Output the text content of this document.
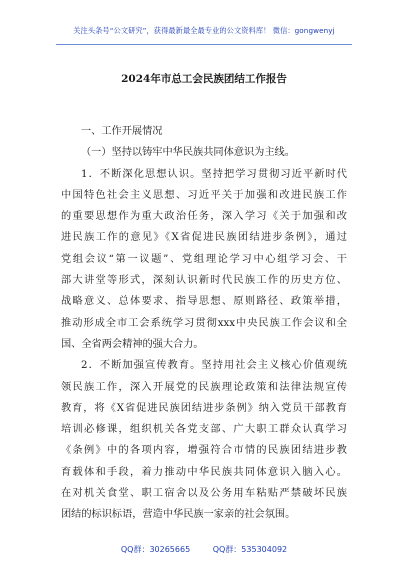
关注头条号“公文研究”，获得最新最全最专业的公文资料库！ 微信：gongwenyj
2024年市总工会民族团结工作报告
一、工作开展情况
（一）坚持以铸牢中华民族共同体意识为主线。
1．不断深化思想认识。坚持把学习贯彻习近平新时代
中国特色社会主义思想、习近平关于加强和改进民族工作
的重要思想作为重大政治任务，深入学习《关于加强和改
进民族工作的意见》《X省促进民族团结进步条例》，通过
党组会议“第一议题”、党组理论学习中心组学习会、干
部大讲堂等形式，深刻认识新时代民族工作的历史方位、
战略意义、总体要求、指导思想、原则路径、政策举措，
推动形成全市工会系统学习贯彻xxx中央民族工作会议和全
国、全省两会精神的强大合力。
2．不断加强宣传教育。坚持用社会主义核心价值观统
领民族工作，深入开展党的民族理论政策和法律法规宣传
教育，将《X省促进民族团结进步条例》纳入党员干部教育
培训必修课，组织机关各党支部、广大职工群众认真学习
《条例》中的各项内容，增强符合市情的民族团结进步教
育载体和手段，着力推动中华民族共同体意识入脑入心。
在对机关食堂、职工宿舍以及公务用车粘贴严禁破坏民族
团结的标识标语，营造中华民族一家亲的社会氛围。
QQ群：30265665	QQ群：535304092
